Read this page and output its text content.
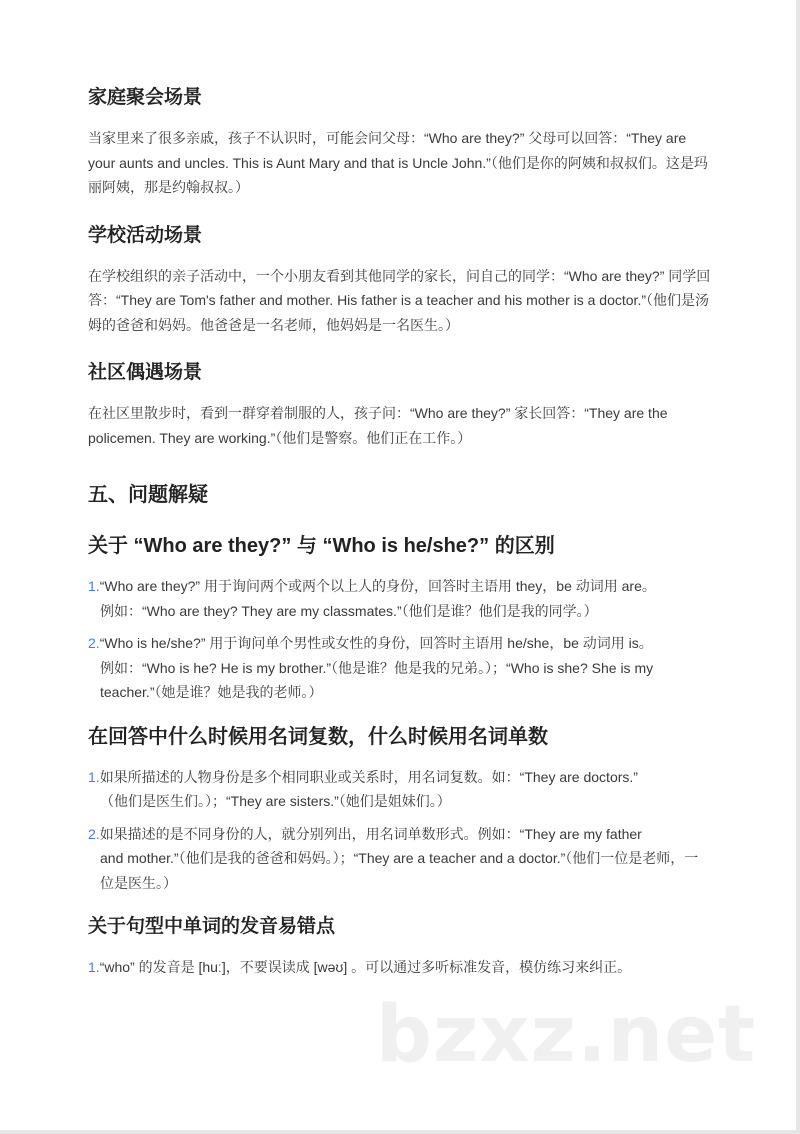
家庭聚会场景

当家里来了很多亲戚，孩子不认识时，可能会问父母：“Who are they?” 父母可以回答：“They are your aunts and uncles. This is Aunt Mary and that is Uncle John.”（他们是你的阿姨和叔叔们。这是玛丽阿姨，那是约翰叔叔。）

学校活动场景

在学校组织的亲子活动中，一个小朋友看到其他同学的家长，问自己的同学：“Who are they?” 同学回答：“They are Tom's father and mother. His father is a teacher and his mother is a doctor.”（他们是汤姆的爸爸和妈妈。他爸爸是一名老师，他妈妈是一名医生。）

社区偶遇场景

在社区里散步时，看到一群穿着制服的人，孩子问：“Who are they?” 家长回答：“They are the policemen. They are working.”（他们是警察。他们正在工作。）

五、问题解疑
关于 “Who are they?” 与 “Who is he/she?” 的区别
1.“Who are they?” 用于询问两个或两个以上人的身份，回答时主语用 they，be 动词用 are。
例如：“Who are they? They are my classmates.”（他们是谁？他们是我的同学。）
2.“Who is he/she?” 用于询问单个男性或女性的身份，回答时主语用 he/she，be 动词用 is。
例如：“Who is he? He is my brother.”（他是谁？他是我的兄弟。）；“Who is she? She is my teacher.”（她是谁？她是我的老师。）
在回答中什么时候用名词复数，什么时候用名词单数
1.如果所描述的人物身份是多个相同职业或关系时，用名词复数。如：“They are doctors.”
（他们是医生们。）；“They are sisters.”（她们是姐妹们。）
2.如果描述的是不同身份的人，就分别列出，用名词单数形式。例如：“They are my father
and mother.”（他们是我的爸爸和妈妈。）；“They are a teacher and a doctor.”（他们一位是老师，一位是医生。）
关于句型中单词的发音易错点
1.“who” 的发音是 [huː]，不要误读成 [wəʊ] 。可以通过多听标准发音，模仿练习来纠正。
bzxz.net
